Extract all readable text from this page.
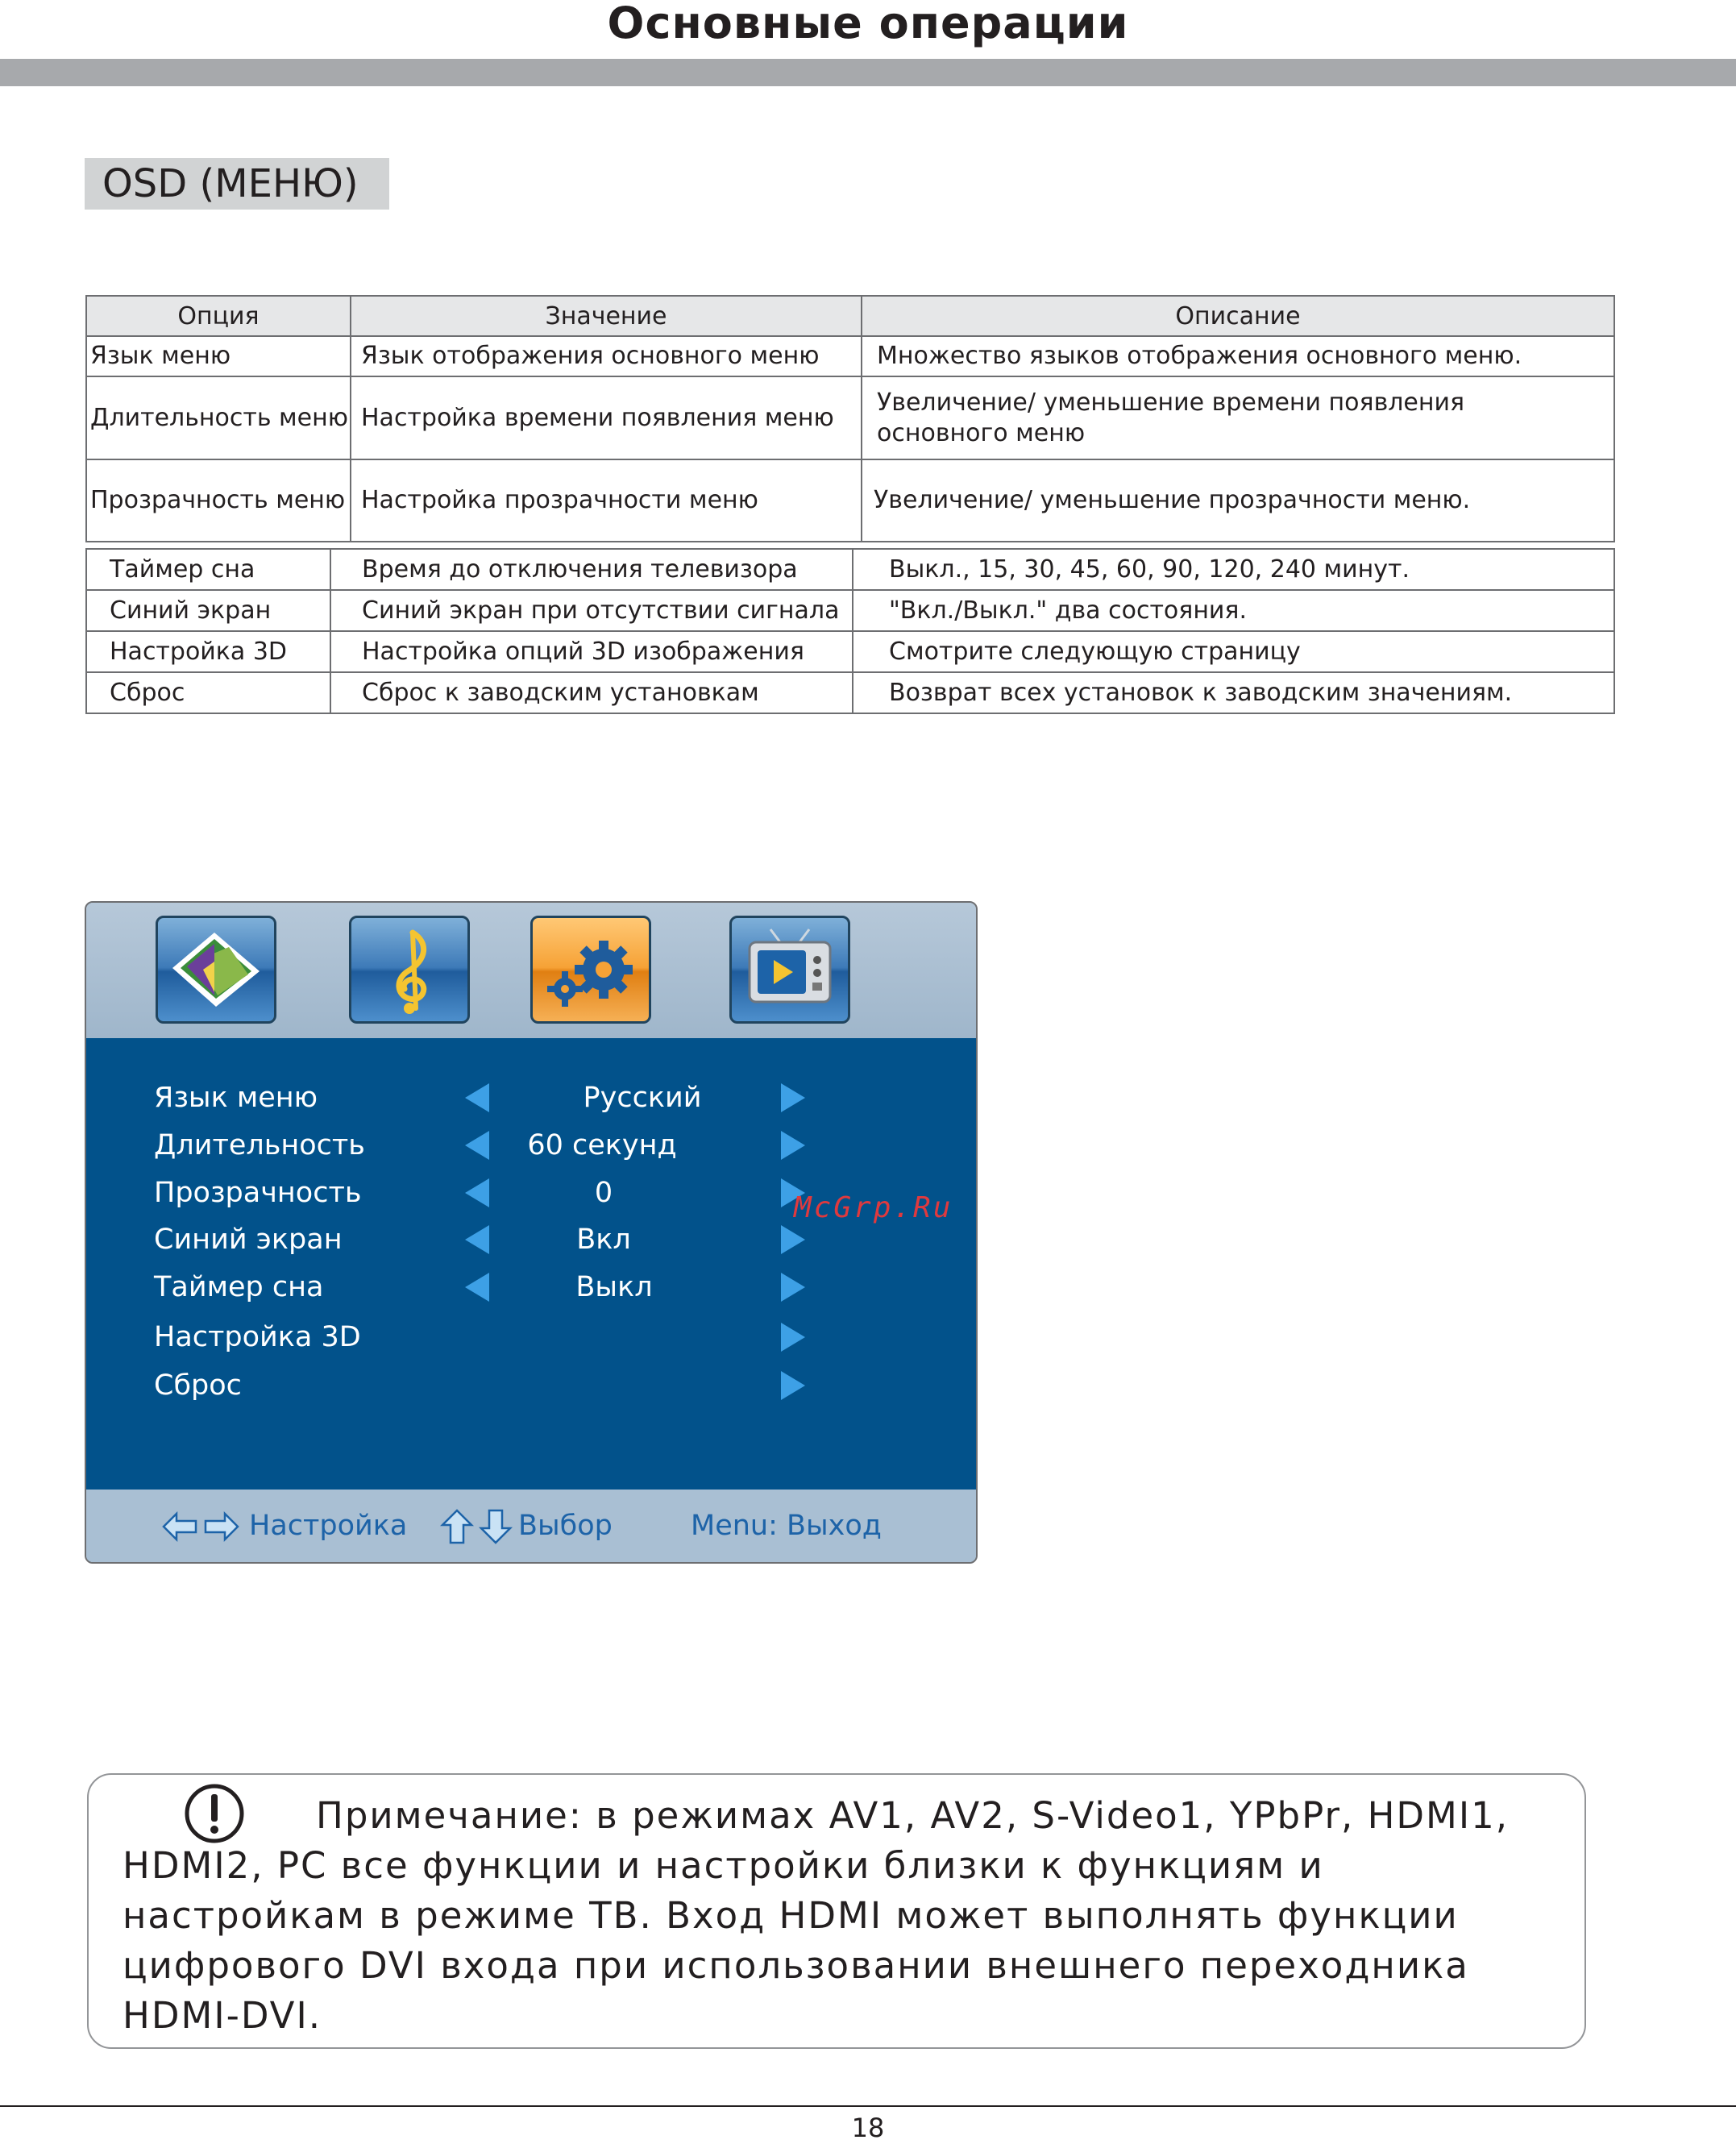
Основные операции
OSD (МЕНЮ)
Опция	Значение	Описание
Язык меню	Язык отображения основного меню	Множество языков отображения основного меню.
Длительность меню	Настройка времени появления меню	Увеличение/ уменьшение времени появления основного меню
Прозрачность меню	Настройка прозрачности меню	Увеличение/ уменьшение прозрачности меню.
Таймер сна	Время до отключения телевизора	Выкл., 15, 30, 45, 60, 90, 120, 240 минут.
Синий экран	Синий экран при отсутствии сигнала	"Вкл./Выкл." два состояния.
Настройка 3D	Настройка опций 3D изображения	Смотрите следующую страницу
Сброс	Сброс к заводским установкам	Возврат всех установок к заводским значениям.
Язык меню	Русский
Длительность	60 секунд
Прозрачность	0
Синий экран	Вкл
Таймер сна	Выкл
Настройка 3D
Сброс
McGrp.Ru
Настройка	Выбор	Menu: Выход
Примечание: в режимах AV1, AV2, S-Video1, YPbPr, HDMI1, HDMI2, PC все функции и настройки близки к функциям и настройкам в режиме ТВ. Вход HDMI может выполнять функции цифрового DVI входа при использовании внешнего переходника HDMI-DVI.
18
